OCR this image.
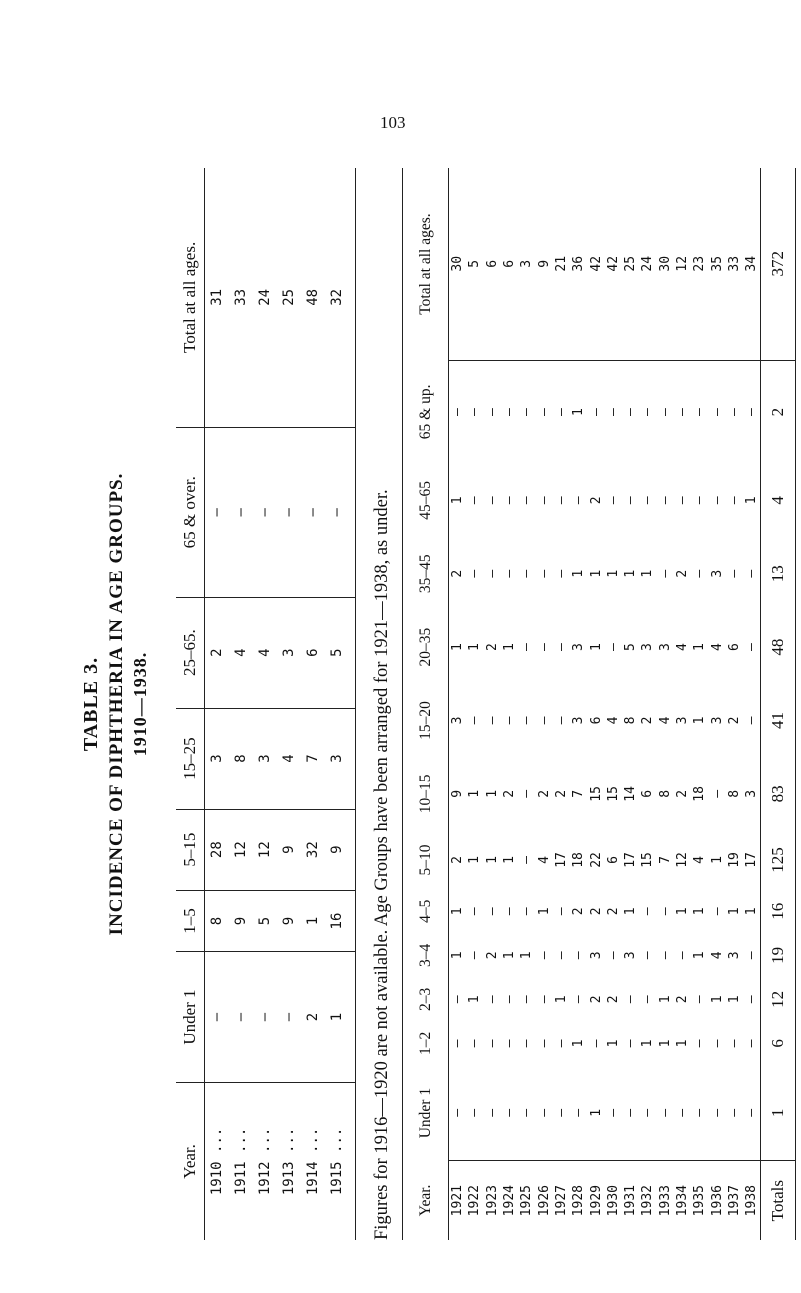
103
TABLE 3. INCIDENCE OF DIPHTHERIA IN AGE GROUPS. 1910—1938.
Year.	Under 1	1–5	5–15	15–25	25–65.	65 & over.	Total at all ages.
1910 ...	—	8	28	3	2	—	31
1911 ...	—	9	12	8	4	—	33
1912 ...	—	5	12	3	4	—	24
1913 ...	—	9	9	4	3	—	25
1914 ...	2	1	32	7	6	—	48
1915 ...	1	16	9	3	5	—	32
Figures for 1916—1920 are not available. Age Groups have been arranged for 1921—1938, as under. Year.	Under 1	1–2	2–3	3–4	4–5	5–10	10–15	15–20	20–35	35–45	45–65	65 & up.	Total at all ages.
1921	—	—	—	1	1	2	9	3	1	2	1	—	30
1922	—	—	1	—	—	1	1	—	1	—	—	—	5
1923	—	—	—	2	—	1	1	—	2	—	—	—	6
1924	—	—	—	1	—	1	2	—	1	—	—	—	6
1925	—	—	—	1	—	—	—	—	—	—	—	—	3
1926	—	—	—	—	1	4	2	—	—	—	—	—	9
1927	—	—	1	—	—	17	2	—	—	—	—	—	21
1928	—	1	—	—	2	18	7	3	3	1	—	1	36
1929	1	—	2	3	2	22	15	6	1	1	2	—	42
1930	—	1	2	—	2	6	15	4	—	1	—	—	42
1931	—	—	—	3	1	17	14	8	5	1	—	—	25
1932	—	1	—	—	—	15	6	2	3	1	—	—	24
1933	—	1	1	—	—	7	8	4	3	—	—	—	30
1934	—	1	2	—	1	12	2	3	4	2	—	—	12
1935	—	—	—	1	1	4	18	1	1	—	—	—	23
1936	—	—	1	4	—	1	—	3	4	3	—	—	35
1937	—	—	1	3	1	19	8	2	6	—	—	—	33
1938	—	—	—	—	1	17	3	—	—	—	1	—	34
Totals	1	6	12	19	16	125	83	41	48	13	4	2	372
